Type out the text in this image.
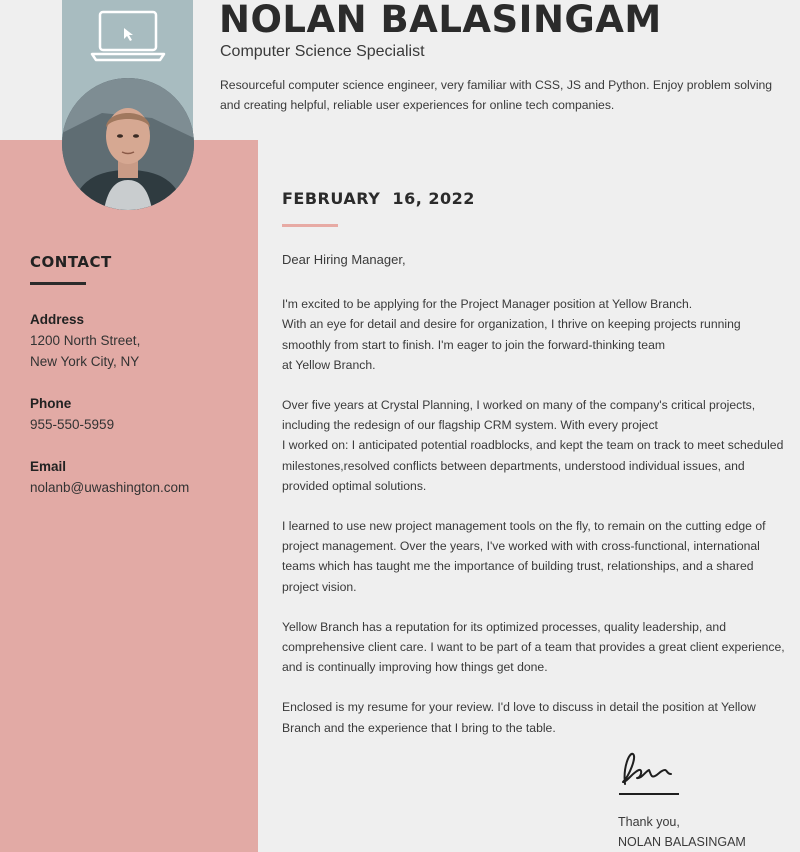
NOLAN BALASINGAM
Computer Science Specialist

Resourceful computer science engineer, very familiar with CSS, JS and Python. Enjoy problem solving and creating helpful, reliable user experiences for online tech companies.

CONTACT
Address
1200 North Street,
New York City, NY
Phone
955-550-5959
Email
nolanb@uwashington.com
FEBRUARY  16, 2022

Dear Hiring Manager,

I'm excited to be applying for the Project Manager position at Yellow Branch.
With an eye for detail and desire for organization, I thrive on keeping projects running smoothly from start to finish. I'm eager to join the forward-thinking team
at Yellow Branch.

Over five years at Crystal Planning, I worked on many of the company's critical projects, including the redesign of our flagship CRM system. With every project
I worked on: I anticipated potential roadblocks, and kept the team on track to meet scheduled milestones,resolved conflicts between departments, understood individual issues, and provided optimal solutions.

I learned to use new project management tools on the fly, to remain on the cutting edge of project management. Over the years, I've worked with with cross-functional, international teams which has taught me the importance of building trust, relationships, and a shared project vision.

Yellow Branch has a reputation for its optimized processes, quality leadership, and comprehensive client care. I want to be part of a team that provides a great client experience, and is continually improving how things get done.

Enclosed is my resume for your review. I'd love to discuss in detail the position at Yellow Branch and the experience that I bring to the table.

Thank you,
NOLAN BALASINGAM
